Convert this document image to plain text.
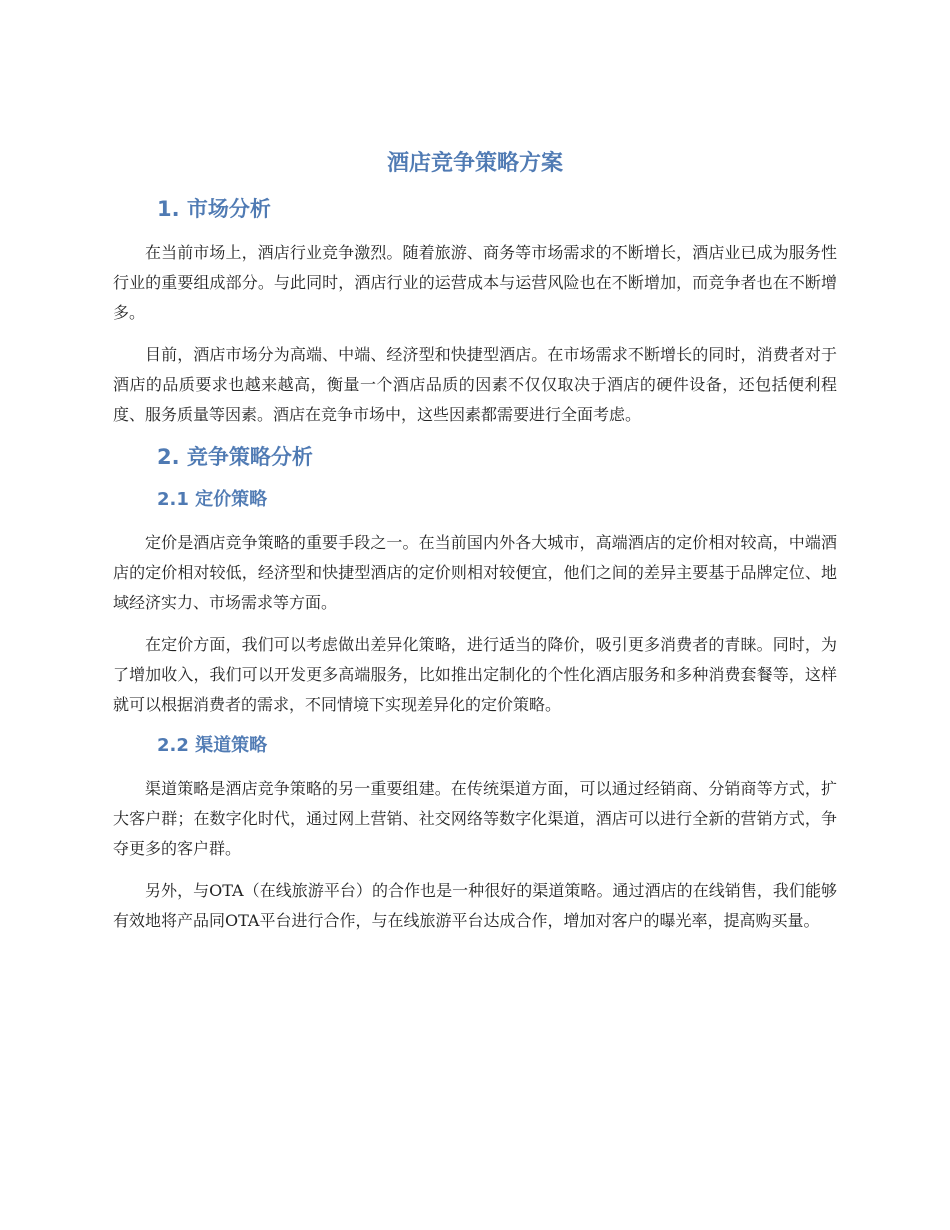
酒店竞争策略方案
1. 市场分析

在当前市场上，酒店行业竞争激烈。随着旅游、商务等市场需求的不断增长，酒店业已成为服务性行业的重要组成部分。与此同时，酒店行业的运营成本与运营风险也在不断增加，而竞争者也在不断增多。

目前，酒店市场分为高端、中端、经济型和快捷型酒店。在市场需求不断增长的同时，消费者对于酒店的品质要求也越来越高，衡量一个酒店品质的因素不仅仅取决于酒店的硬件设备，还包括便利程度、服务质量等因素。酒店在竞争市场中，这些因素都需要进行全面考虑。

2. 竞争策略分析
2.1 定价策略

定价是酒店竞争策略的重要手段之一。在当前国内外各大城市，高端酒店的定价相对较高，中端酒店的定价相对较低，经济型和快捷型酒店的定价则相对较便宜，他们之间的差异主要基于品牌定位、地域经济实力、市场需求等方面。

在定价方面，我们可以考虑做出差异化策略，进行适当的降价，吸引更多消费者的青睐。同时，为了增加收入，我们可以开发更多高端服务，比如推出定制化的个性化酒店服务和多种消费套餐等，这样就可以根据消费者的需求，不同情境下实现差异化的定价策略。

2.2 渠道策略

渠道策略是酒店竞争策略的另一重要组建。在传统渠道方面，可以通过经销商、分销商等方式，扩大客户群；在数字化时代，通过网上营销、社交网络等数字化渠道，酒店可以进行全新的营销方式，争夺更多的客户群。

另外，与OTA（在线旅游平台）的合作也是一种很好的渠道策略。通过酒店的在线销售，我们能够有效地将产品同OTA平台进行合作，与在线旅游平台达成合作，增加对客户的曝光率，提高购买量。
